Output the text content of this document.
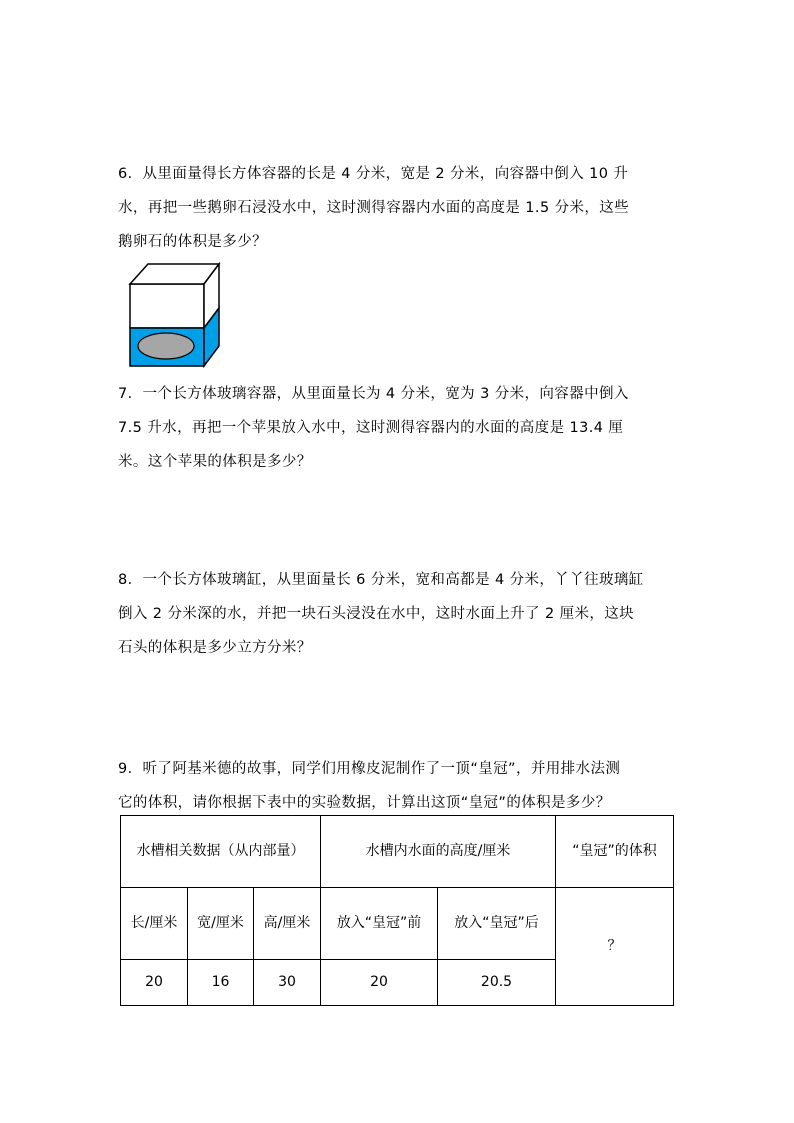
6．从里面量得长方体容器的长是 4 分米，宽是 2 分米，向容器中倒入 10 升

水，再把一些鹅卵石浸没水中，这时测得容器内水面的高度是 1.5 分米，这些

鹅卵石的体积是多少？

7．一个长方体玻璃容器，从里面量长为 4 分米，宽为 3 分米，向容器中倒入

7.5 升水，再把一个苹果放入水中，这时测得容器内的水面的高度是 13.4 厘

米。这个苹果的体积是多少？

8．一个长方体玻璃缸，从里面量长 6 分米，宽和高都是 4 分米，丫丫往玻璃缸

倒入 2 分米深的水，并把一块石头浸没在水中，这时水面上升了 2 厘米，这块

石头的体积是多少立方分米？

9．听了阿基米德的故事，同学们用橡皮泥制作了一顶“皇冠”，并用排水法测

它的体积，请你根据下表中的实验数据，计算出这顶“皇冠”的体积是多少？

水槽相关数据（从内部量）			水槽内水面的高度/厘米		“皇冠”的体积
长/厘米	宽/厘米	高/厘米	放入“皇冠”前	放入“皇冠”后	？
20	16	30	20	20.5	
